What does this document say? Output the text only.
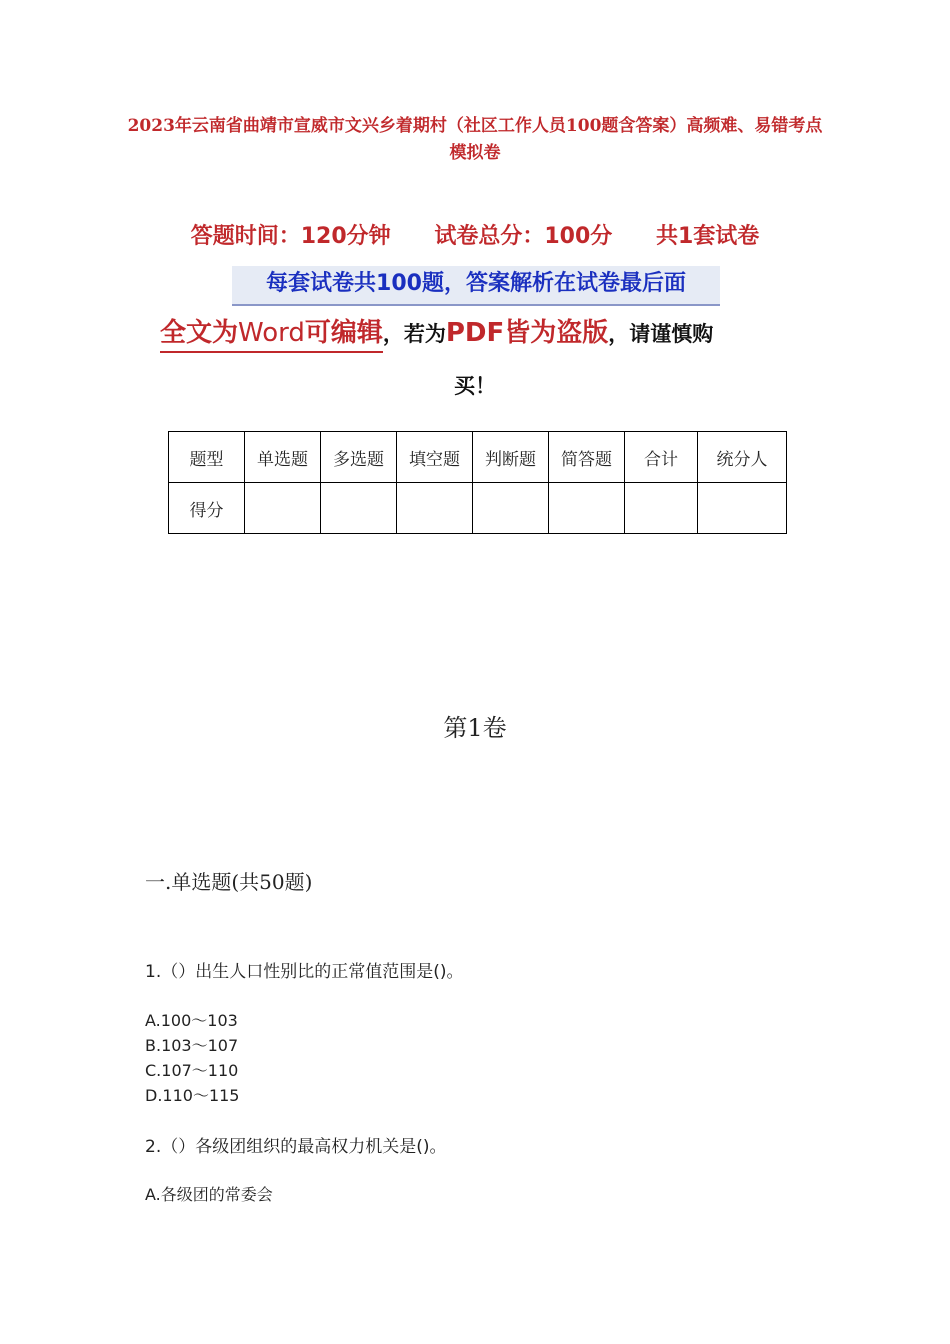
2023年云南省曲靖市宣威市文兴乡着期村（社区工作人员100题含答案）高频难、易错考点模拟卷
答题时间：120分钟 试卷总分：100分 共1套试卷
每套试卷共100题，答案解析在试卷最后面
全文为Word可编辑，若为PDF皆为盗版，请谨慎购
买！
题型	单选题	多选题	填空题	判断题	简答题	合计	统分人
得分							
第1卷
一.单选题(共50题)
1.（）出生人口性别比的正常值范围是()。
A.100～103
B.103～107
C.107～110
D.110～115
2.（）各级团组织的最高权力机关是()。
A.各级团的常委会
